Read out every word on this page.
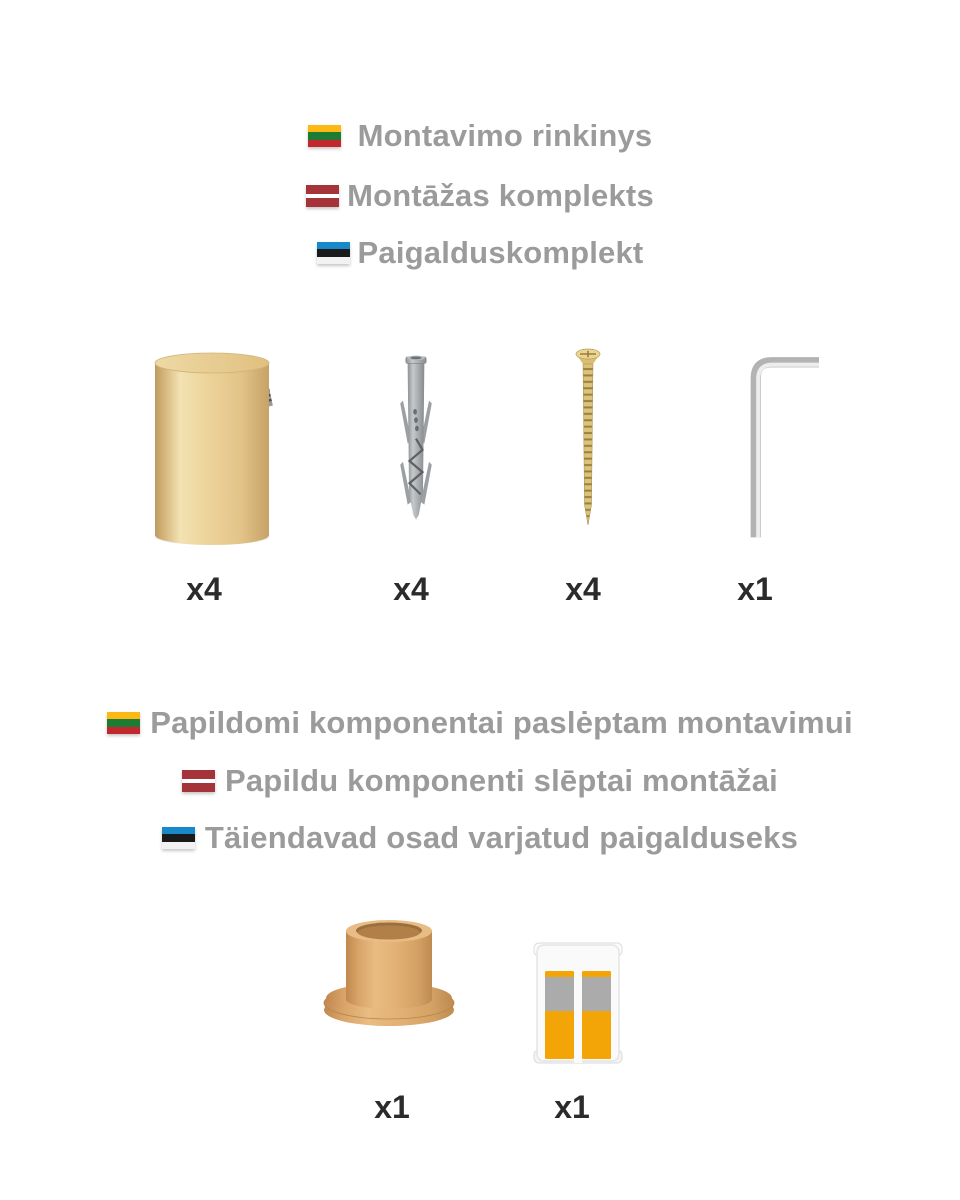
Montavimo rinkinys
Montāžas komplekts
Paigalduskomplekt
x4	x4	x4	x1
Papildomi komponentai paslėptam montavimui
Papildu komponenti slēptai montāžai
Täiendavad osad varjatud paigalduseks
x1	x1
